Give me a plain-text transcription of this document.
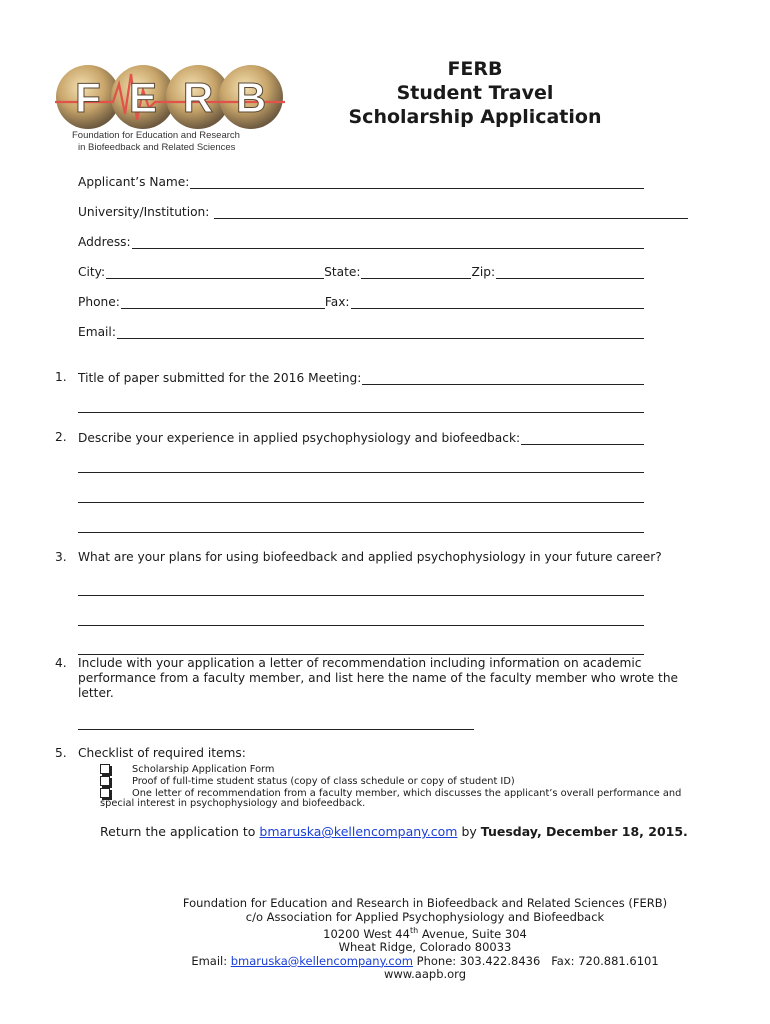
F E R B
Foundation for Education and Research
in Biofeedback and Related Sciences
FERB
Student Travel
Scholarship Application
Applicant’s Name:
University/Institution:
Address:
City:	State:	Zip:
Phone:	Fax:
Email:
1. Title of paper submitted for the 2016 Meeting:
2. Describe your experience in applied psychophysiology and biofeedback:
3. What are your plans for using biofeedback and applied psychophysiology in your future career?
4. Include with your application a letter of recommendation including information on academic
performance from a faculty member, and list here the name of the faculty member who wrote the
letter.
5. Checklist of required items:
Scholarship Application Form
Proof of full-time student status (copy of class schedule or copy of student ID)
One letter of recommendation from a faculty member, which discusses the applicant’s overall performance and
special interest in psychophysiology and biofeedback.
Return the application to bmaruska@kellencompany.com by Tuesday, December 18, 2015.
Foundation for Education and Research in Biofeedback and Related Sciences (FERB)
c/o Association for Applied Psychophysiology and Biofeedback
10200 West 44th Avenue, Suite 304
Wheat Ridge, Colorado 80033
Email: bmaruska@kellencompany.com Phone: 303.422.8436 Fax: 720.881.6101
www.aapb.org
